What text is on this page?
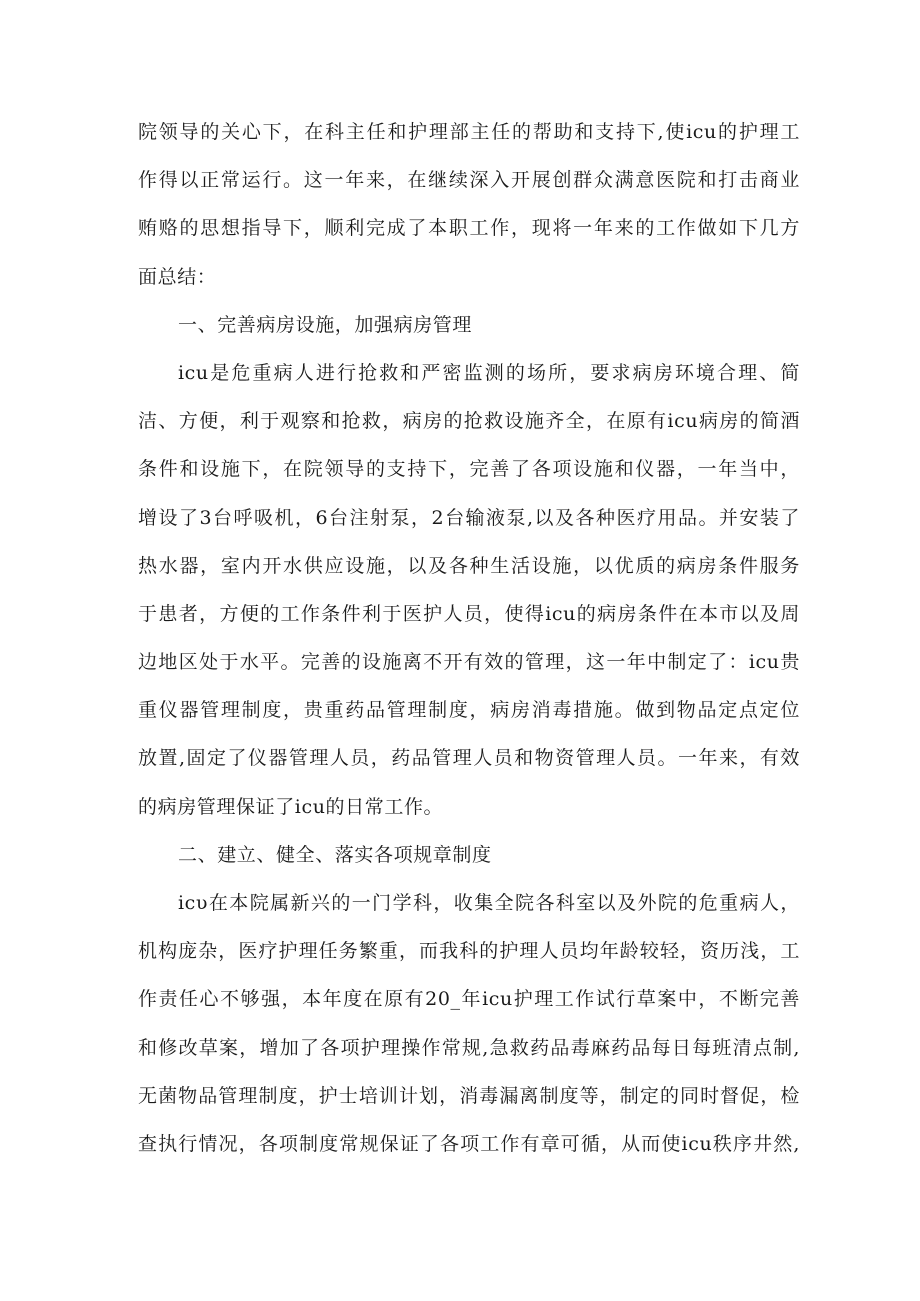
院领导的关心下，在科主任和护理部主任的帮助和支持下,使icu的护理工
作得以正常运行。这一年来，在继续深入开展创群众满意医院和打击商业
贿赂的思想指导下，顺利完成了本职工作，现将一年来的工作做如下几方
面总结：
一、完善病房设施，加强病房管理
icu是危重病人进行抢救和严密监测的场所，要求病房环境合理、简
洁、方便，利于观察和抢救，病房的抢救设施齐全，在原有icu病房的简酒
条件和设施下，在院领导的支持下，完善了各项设施和仪器，一年当中，
增设了3台呼吸机，6台注射泵，2台输液泵,以及各种医疗用品。并安装了
热水器，室内开水供应设施，以及各种生活设施，以优质的病房条件服务
于患者，方便的工作条件利于医护人员，使得icu的病房条件在本市以及周
边地区处于水平。完善的设施离不开有效的管理，这一年中制定了：icu贵
重仪器管理制度，贵重药品管理制度，病房消毒措施。做到物品定点定位
放置,固定了仪器管理人员，药品管理人员和物资管理人员。一年来，有效
的病房管理保证了icu的日常工作。
二、建立、健全、落实各项规章制度
icυ在本院属新兴的一门学科，收集全院各科室以及外院的危重病人，
机构庞杂，医疗护理任务繁重，而我科的护理人员均年龄较轻，资历浅，工
作责任心不够强，本年度在原有20_年icu护理工作试行草案中，不断完善
和修改草案，增加了各项护理操作常规,急救药品毒麻药品每日每班清点制,
无菌物品管理制度，护士培训计划，消毒漏离制度等，制定的同时督促，检
查执行情况，各项制度常规保证了各项工作有章可循，从而使icu秩序井然,
